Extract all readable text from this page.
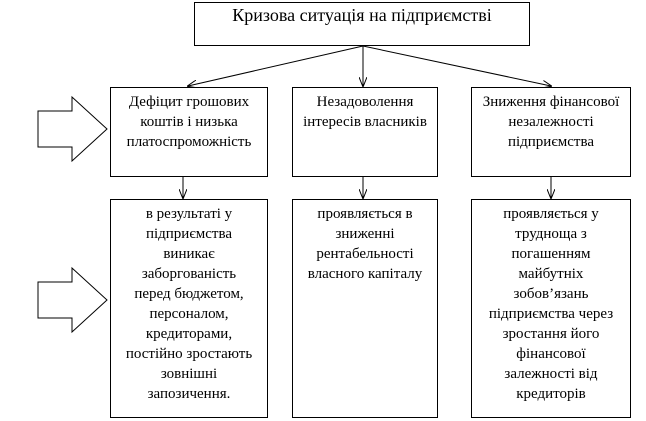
Кризова ситуація на підприємстві
Дефіцит грошових
коштів і низька
платоспроможність
Незадоволення
інтересів власників
Зниження фінансової
незалежності
підприємства
в результаті у
підприємства
виникає
заборгованість
перед бюджетом,
персоналом,
кредиторами,
постійно зростають
зовнішні
запозичення.
проявляється в
зниженні
рентабельності
власного капіталу
проявляється у
трудноща з
погашенням
майбутніх
зобов’язань
підприємства через
зростання його
фінансової
залежності від
кредиторів
